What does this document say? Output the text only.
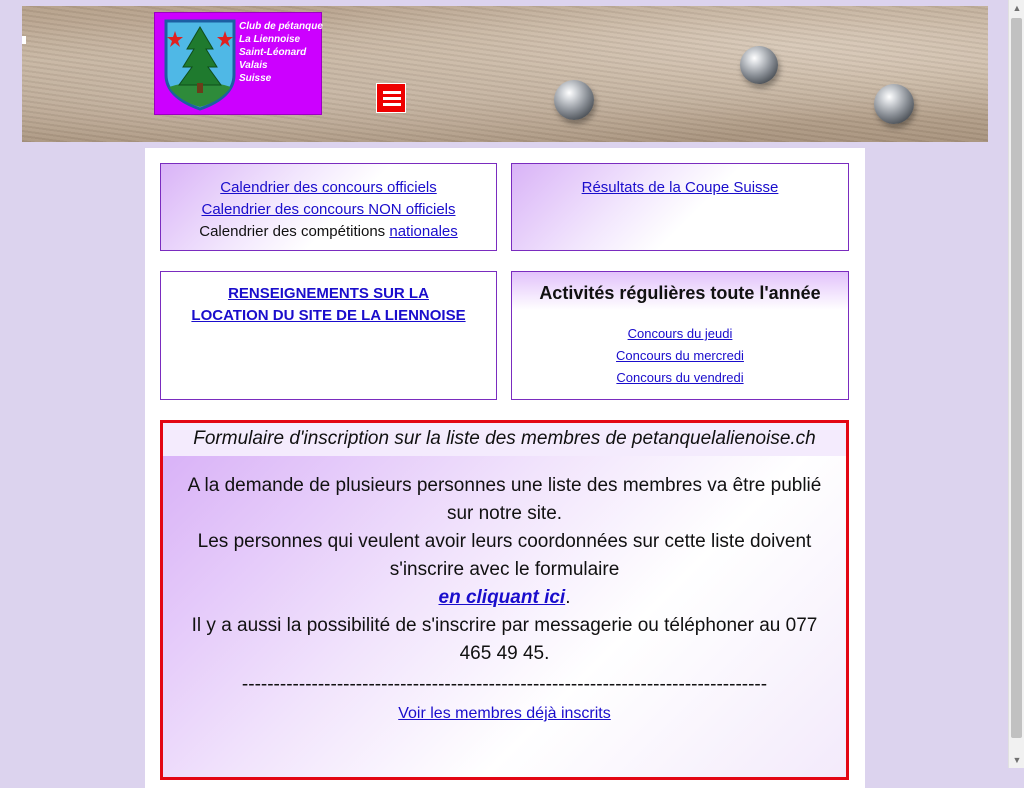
Club de pétanque
La Liennoise
Saint-Léonard
Valais
Suisse
Calendrier des concours officiels
Calendrier des concours NON officiels
Calendrier des compétitions nationales
Résultats de la Coupe Suisse
RENSEIGNEMENTS SUR LA
LOCATION DU SITE DE LA LIENNOISE
Activités régulières toute l'année
Concours du jeudi
Concours du mercredi
Concours du vendredi
Formulaire d'inscription sur la liste des membres de petanquelalienoise.ch
A la demande de plusieurs personnes une liste des membres va être publié sur notre site.
Les personnes qui veulent avoir leurs coordonnées sur cette liste doivent s'inscrire avec le formulaire
en cliquant ici.
Il y a aussi la possibilité de s'inscrire par messagerie ou téléphoner au 077 465 49 45.
-----------------------------------------------------------------------------------
Voir les membres déjà inscrits
▲
▼
